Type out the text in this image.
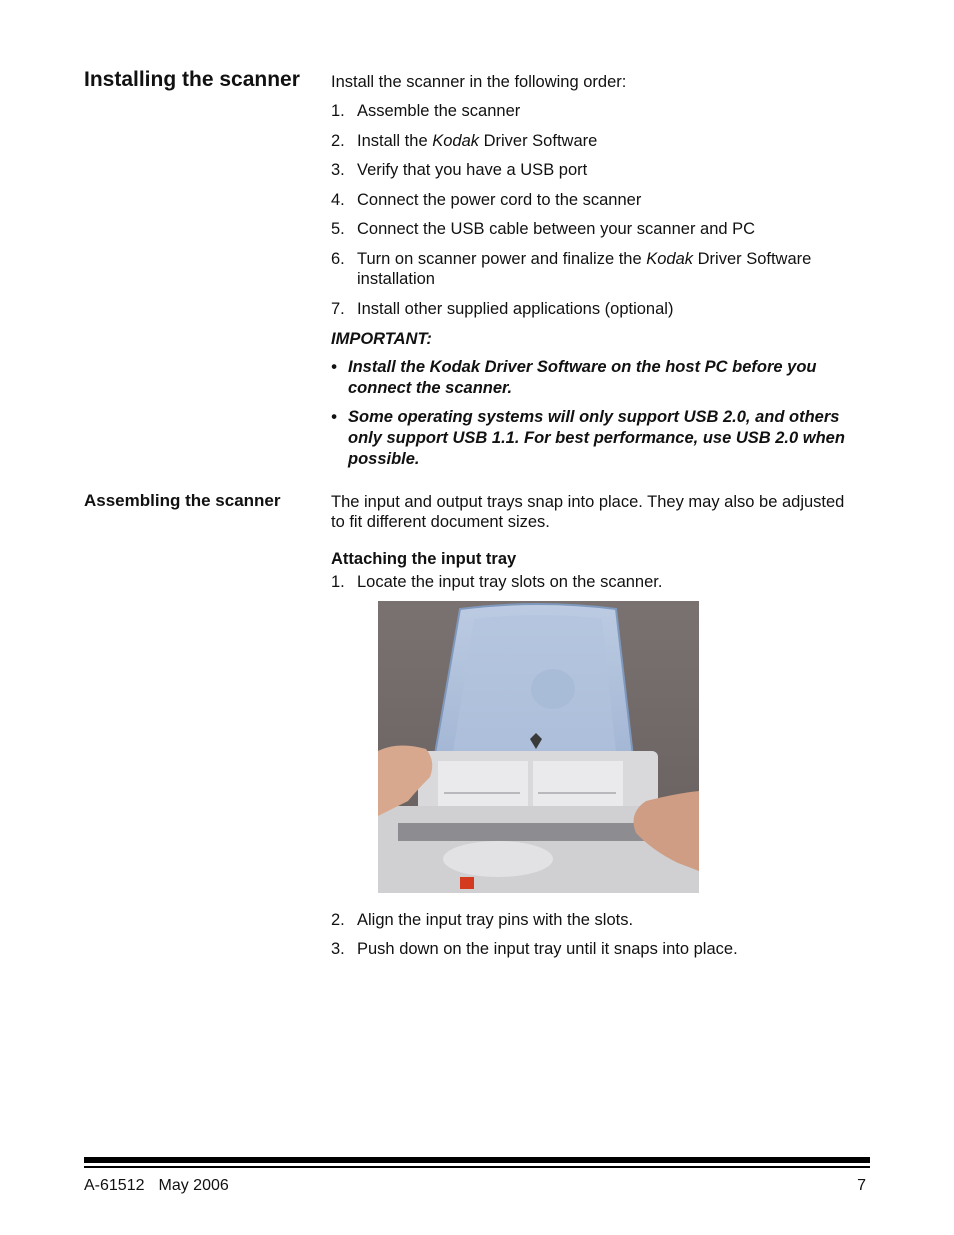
Installing the scanner Install the scanner in the following order:
1. Assemble the scanner
2. Install the Kodak Driver Software
3. Verify that you have a USB port
4. Connect the power cord to the scanner
5. Connect the USB cable between your scanner and PC
6. Turn on scanner power and finalize the Kodak Driver Software
installation
7. Install other supplied applications (optional)
IMPORTANT:
• Install the Kodak Driver Software on the host PC before you
connect the scanner.
• Some operating systems will only support USB 2.0, and others
only support USB 1.1. For best performance, use USB 2.0 when
possible.
Assembling the scanner	The input and output trays snap into place. They may also be adjusted
to fit different document sizes.
Attaching the input tray
1. Locate the input tray slots on the scanner.
2. Align the input tray pins with the slots.
3. Push down on the input tray until it snaps into place.
A-61512 May 2006	7
